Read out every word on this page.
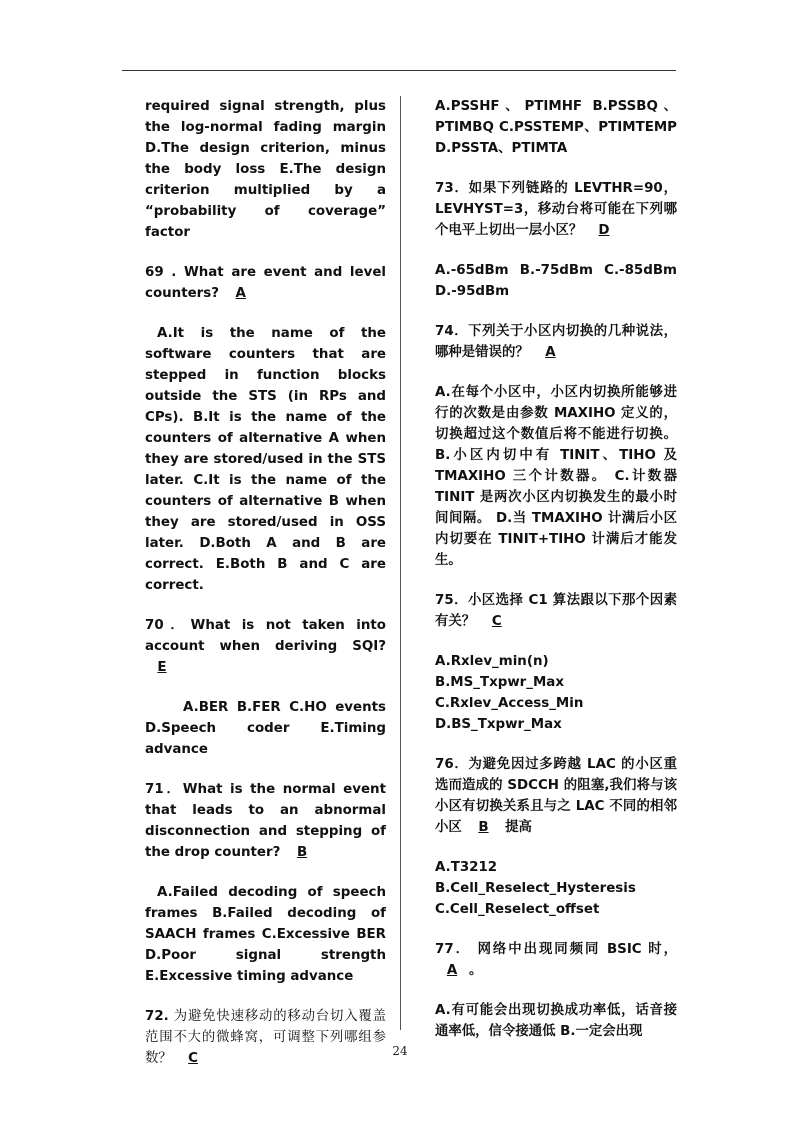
required signal strength, plus the log-normal fading margin D.The design criterion, minus the body loss E.The design criterion multiplied by a “probability of coverage” factor

69 . What are event and level counters? A

A.It is the name of the software counters that are stepped in function blocks outside the STS (in RPs and CPs). B.It is the name of the counters of alternative A when they are stored/used in the STS later. C.It is the name of the counters of alternative B when they are stored/used in OSS later. D.Both A and B are correct. E.Both B and C are correct.

70．What is not taken into account when deriving SQI? E

A.BER B.FER C.HO events D.Speech coder E.Timing advance

71．What is the normal event that leads to an abnormal disconnection and stepping of the drop counter? B

A.Failed decoding of speech frames B.Failed decoding of SAACH frames C.Excessive BER D.Poor signal strength E.Excessive timing advance

72. 为避免快速移动的移动台切入覆盖范围不大的微蜂窝，可调整下列哪组参数？ C

A.PSSHF、PTIMHF B.PSSBQ、PTIMBQ C.PSSTEMP、PTIMTEMP D.PSSTA、PTIMTA

73．如果下列链路的 LEVTHR=90，LEVHYST=3，移动台将可能在下列哪个电平上切出一层小区？ D

A.-65dBm B.-75dBm C.-85dBm D.-95dBm

74．下列关于小区内切换的几种说法，哪种是错误的？ A

A.在每个小区中，小区内切换所能够进行的次数是由参数 MAXIHO 定义的，切换超过这个数值后将不能进行切换。 B.小区内切中有 TINIT、TIHO 及 TMAXIHO 三个计数器。 C.计数器 TINIT 是两次小区内切换发生的最小时间间隔。 D.当 TMAXIHO 计满后小区内切要在 TINIT+TIHO 计满后才能发生。

75．小区选择 C1 算法跟以下那个因素有关？ C

A.Rxlev_min(n) B.MS_Txpwr_Max C.Rxlev_Access_Min D.BS_Txpwr_Max

76．为避免因过多跨越 LAC 的小区重选而造成的 SDCCH 的阻塞,我们将与该小区有切换关系且与之 LAC 不同的相邻小区 B 提高

A.T3212 B.Cell_Reselect_Hysteresis C.Cell_Reselect_offset

77． 网络中出现同频同 BSIC 时，A 。

A.有可能会出现切换成功率低，话音接通率低，信令接通低 B.一定会出现

24
